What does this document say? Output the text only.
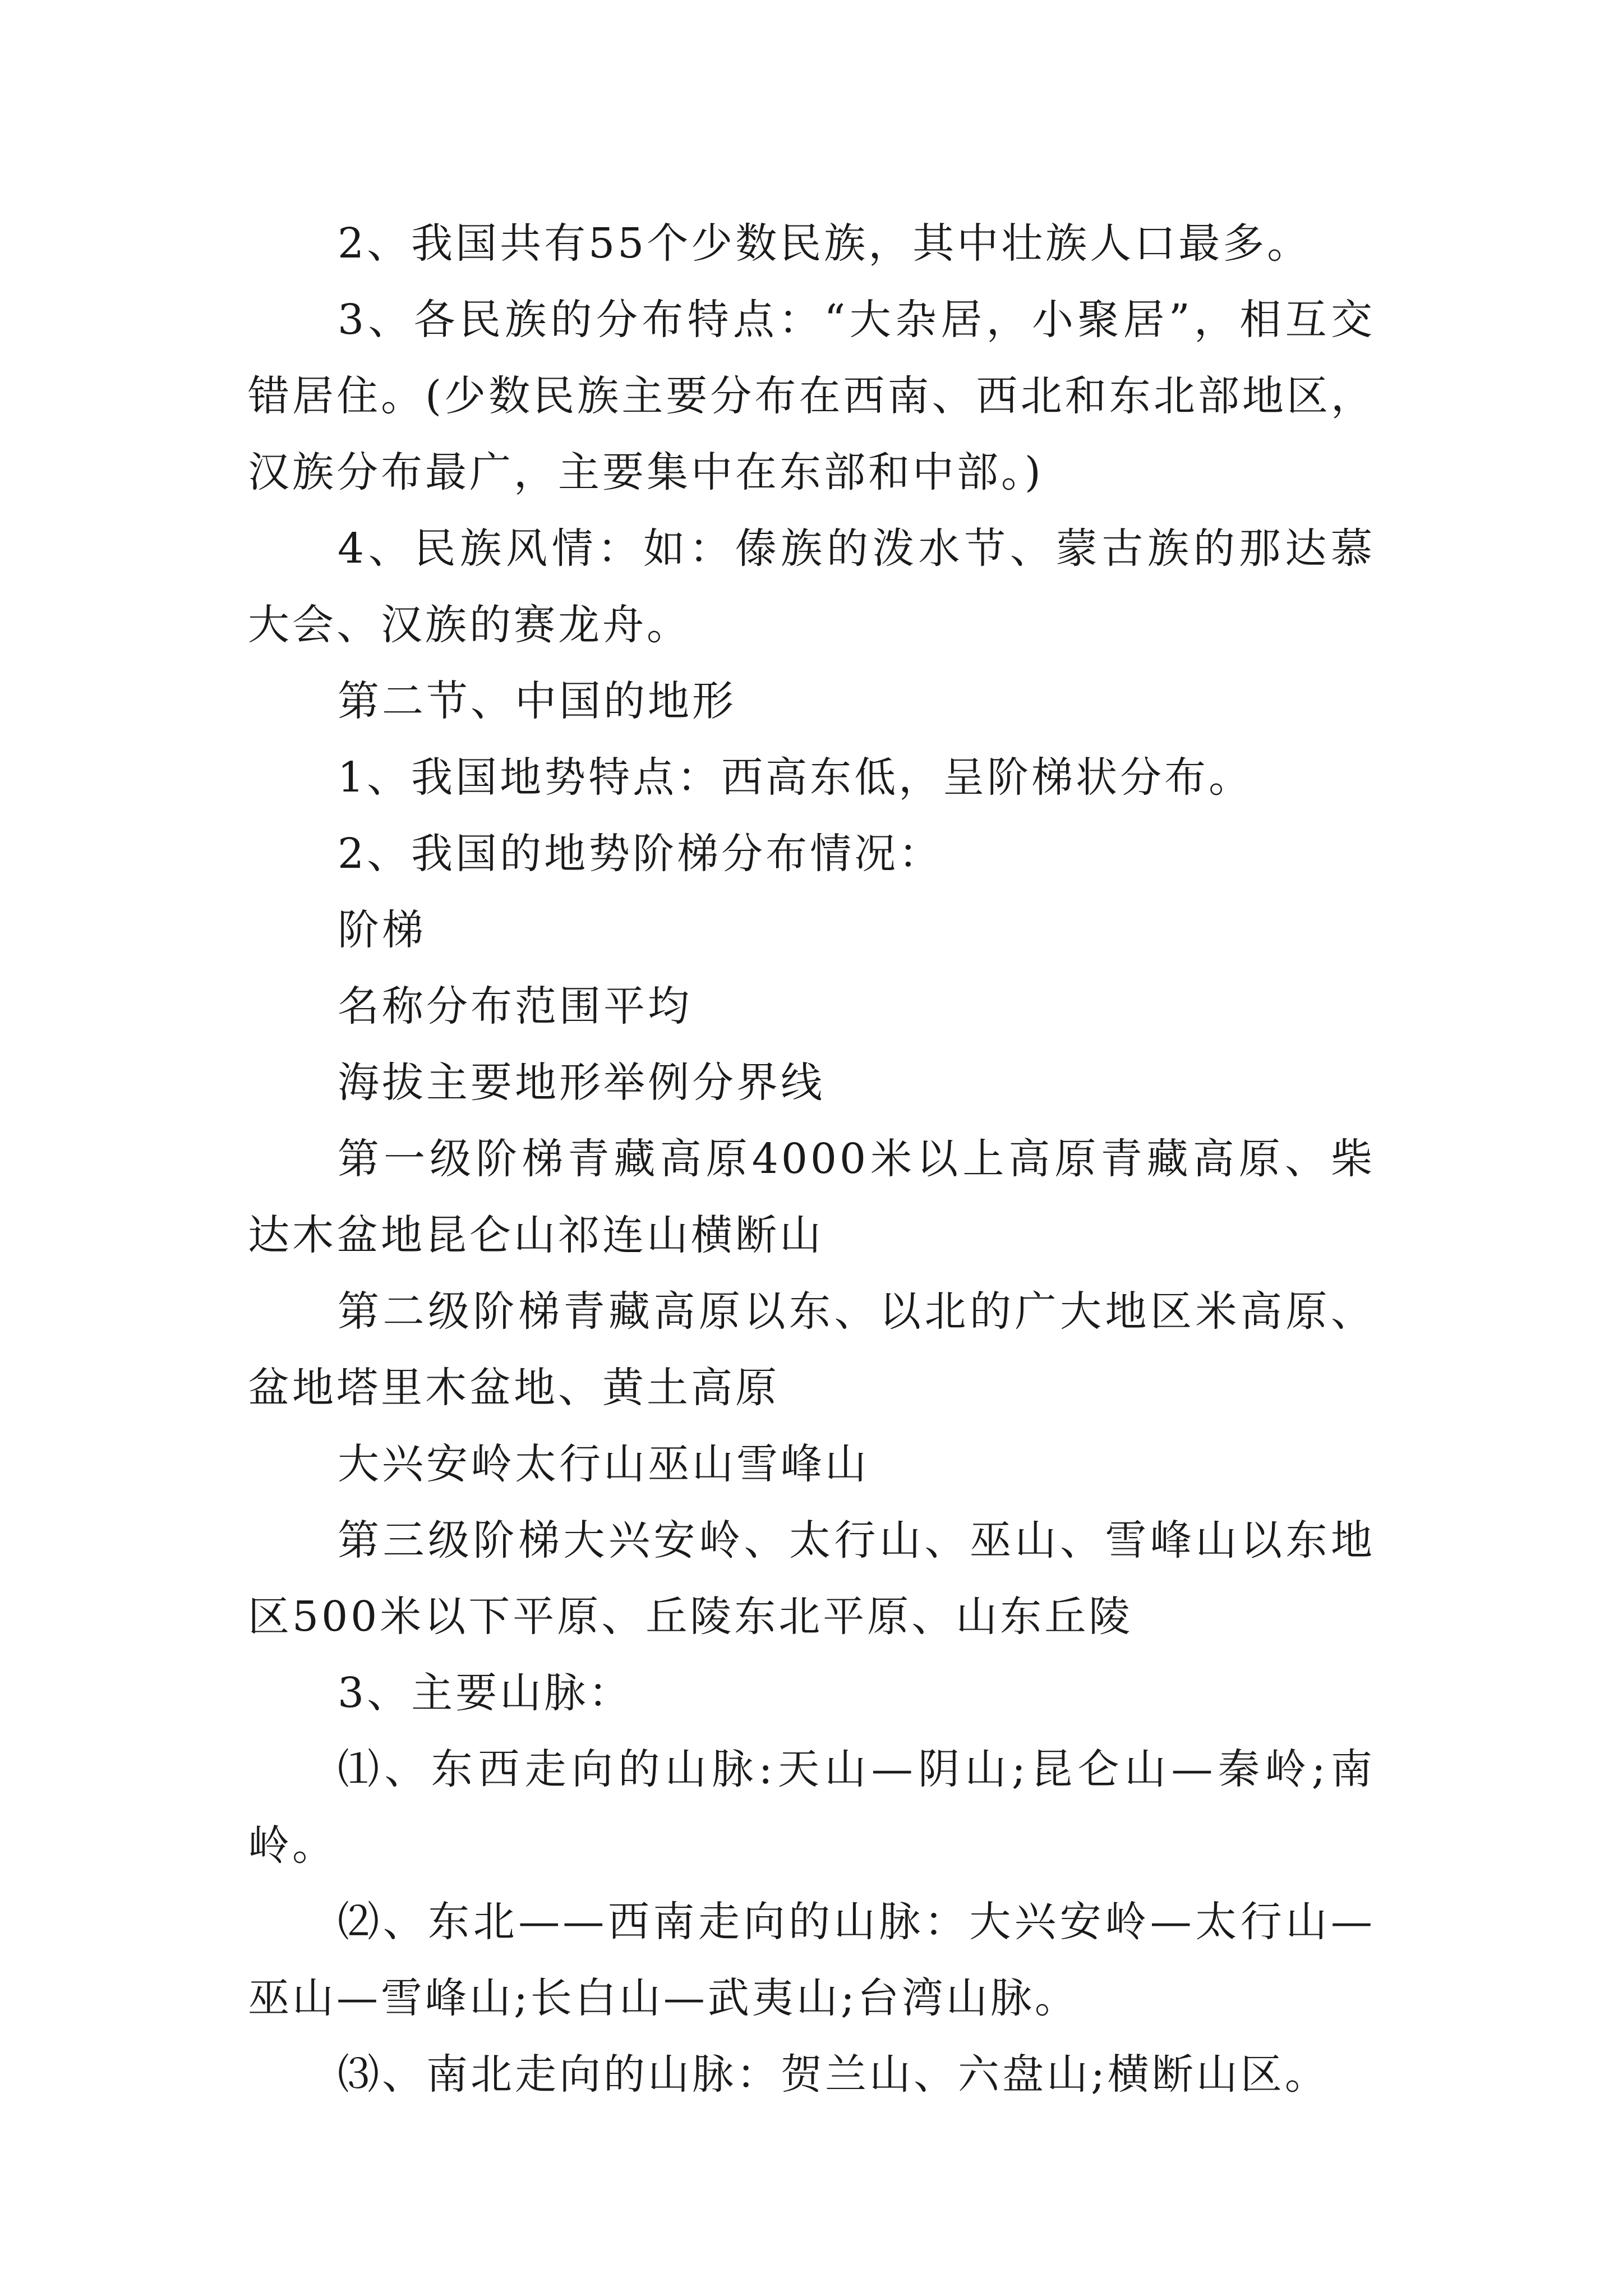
2、我国共有55个少数民族，其中壮族人口最多。

3、各民族的分布特点：“大杂居，小聚居”，相互交错居住。(少数民族主要分布在西南、西北和东北部地区，汉族分布最广，主要集中在东部和中部。)

4、民族风情：如：傣族的泼水节、蒙古族的那达慕大会、汉族的赛龙舟。

第二节、中国的地形

1、我国地势特点：西高东低，呈阶梯状分布。

2、我国的地势阶梯分布情况：

阶梯

名称分布范围平均

海拔主要地形举例分界线

第一级阶梯青藏高原4000米以上高原青藏高原、柴达木盆地昆仑山祁连山横断山

第二级阶梯青藏高原以东、以北的广大地区米高原、盆地塔里木盆地、黄土高原

大兴安岭太行山巫山雪峰山

第三级阶梯大兴安岭、太行山、巫山、雪峰山以东地区500米以下平原、丘陵东北平原、山东丘陵

3、主要山脉：

⑴、东西走向的山脉:天山—阴山;昆仑山—秦岭;南岭。

⑵、东北——西南走向的山脉：大兴安岭—太行山—巫山—雪峰山;长白山—武夷山;台湾山脉。

⑶、南北走向的山脉：贺兰山、六盘山;横断山区。
